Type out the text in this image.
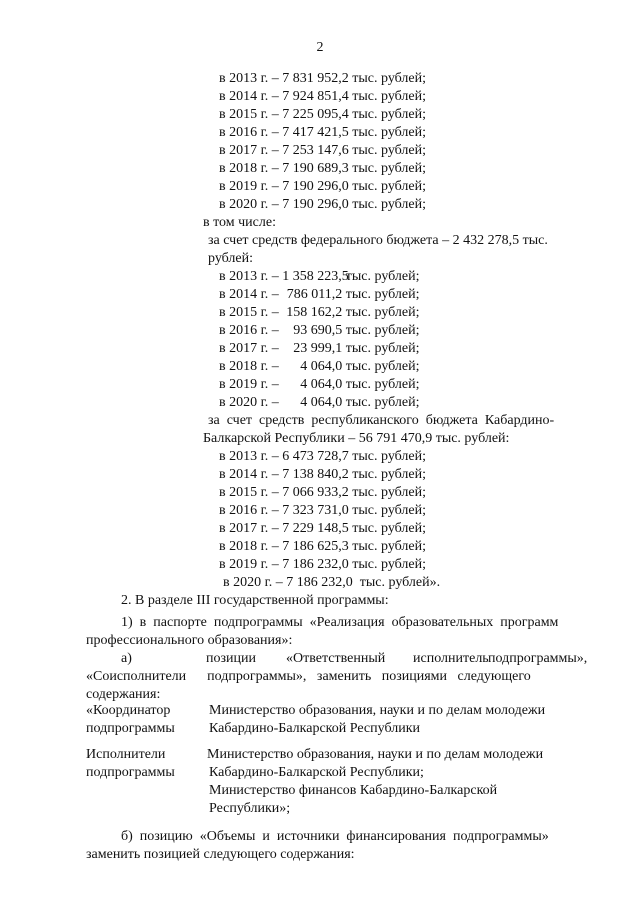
2
в 2013 г. – 7 831 952,2 тыс. рублей;
в 2014 г. – 7 924 851,4 тыс. рублей;
в 2015 г. – 7 225 095,4 тыс. рублей;
в 2016 г. – 7 417 421,5 тыс. рублей;
в 2017 г. – 7 253 147,6 тыс. рублей;
в 2018 г. – 7 190 689,3 тыс. рублей;
в 2019 г. – 7 190 296,0 тыс. рублей;
в 2020 г. – 7 190 296,0 тыс. рублей;
в том числе:
за счет средств федерального бюджета – 2 432 278,5 тыс.
рублей:
в 2013 г. – 1 358 223,5 тыс. рублей;
в 2014 г. – 786 011,2 тыс. рублей;
в 2015 г. – 158 162,2 тыс. рублей;
в 2016 г. – 93 690,5 тыс. рублей;
в 2017 г. – 23 999,1 тыс. рублей;
в 2018 г. – 4 064,0 тыс. рублей;
в 2019 г. – 4 064,0 тыс. рублей;
в 2020 г. – 4 064,0 тыс. рублей;
за  счет  средств  республиканского  бюджета  Кабардино-
Балкарской Республики – 56 791 470,9 тыс. рублей:
в 2013 г. – 6 473 728,7 тыс. рублей;
в 2014 г. – 7 138 840,2 тыс. рублей;
в 2015 г. – 7 066 933,2 тыс. рублей;
в 2016 г. – 7 323 731,0 тыс. рублей;
в 2017 г. – 7 229 148,5 тыс. рублей;
в 2018 г. – 7 186 625,3 тыс. рублей;
в 2019 г. – 7 186 232,0 тыс. рублей;
в 2020 г. – 7 186 232,0  тыс. рублей».
2. В разделе III государственной программы:
1)  в  паспорте  подпрограммы  «Реализация  образовательных  программ
профессионального образования»:
а)	позиции «Ответственный исполнитель подпрограммы»,
«Соисполнители      подпрограммы»,   заменить   позициями   следующего
содержания:
«Координатор
подпрограммы
Министерство образования, науки и по делам молодежи
Кабардино-Балкарской Республики
Исполнители
подпрограммы
Министерство образования, науки и по делам молодежи
Кабардино-Балкарской Республики;
Министерство финансов Кабардино-Балкарской
Республики»;
б)  позицию  «Объемы  и  источники  финансирования  подпрограммы»
заменить позицией следующего содержания:
